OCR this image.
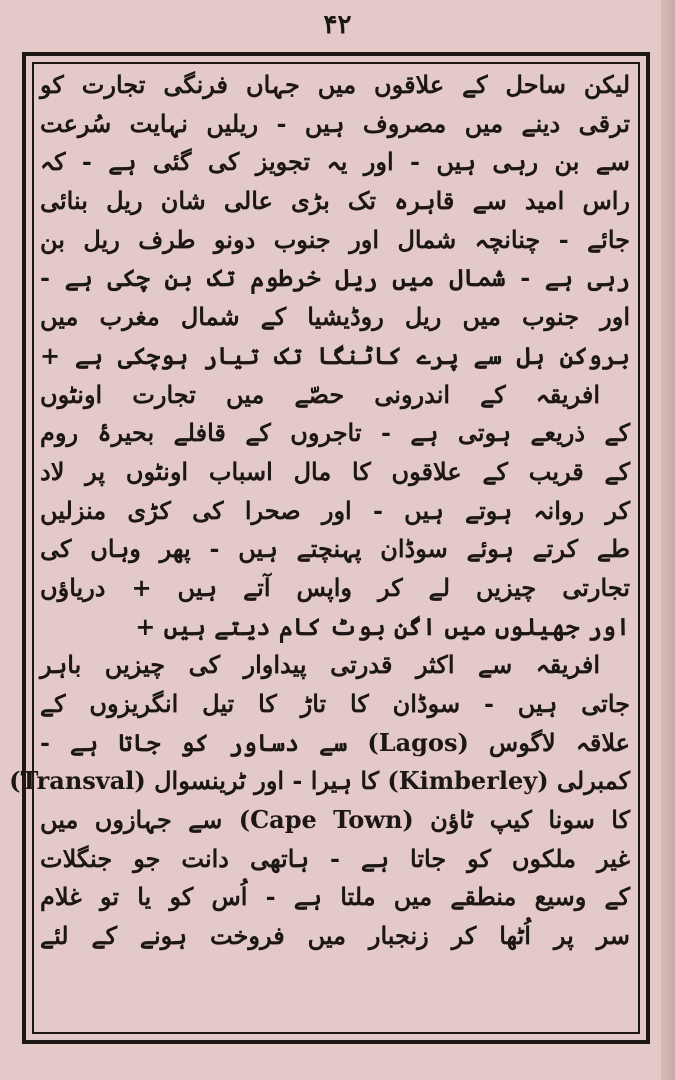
۴۲
لیکن ساحل کے علاقوں میں جہاں فرنگی تجارت کو
ترقی دینے میں مصروف ہیں - ریلیں نہایت سُرعت
سے بن رہی ہیں - اور یہ تجویز کی گئی ہے - کہ
راس امید سے قاہرہ تک بڑی عالی شان ریل بنائی
جائے - چنانچہ شمال اور جنوب دونو طرف ریل بن
رہی ہے - شمال میں ریل خرطوم تک بن چکی ہے -
اور جنوب میں ریل روڈیشیا کے شمال مغرب میں
بروکن ہل سے پرے کاٹنگا تک تیار ہوچکی ہے +
افریقہ کے اندرونی حصّے میں تجارت اونٹوں
کے ذریعے ہوتی ہے - تاجروں کے قافلے بحیرۂ روم
کے قریب کے علاقوں کا مال اسباب اونٹوں پر لاد
کر روانہ ہوتے ہیں - اور صحرا کی کڑی منزلیں
طے کرتے ہوئے سوڈان پہنچتے ہیں - پھر وہاں کی
تجارتی چیزیں لے کر واپس آتے ہیں + دریاؤں
اور جھیلوں میں اگن بوٹ کام دیتے ہیں +
افریقہ سے اکثر قدرتی پیداوار کی چیزیں باہر
جاتی ہیں - سوڈان کا تاڑ کا تیل انگریزوں کے
علاقہ لاگوس (Lagos) سے دساور کو جاتا ہے -
کمبرلی (Kimberley) کا ہیرا - اور ٹرینسوال (Transval)
کا سونا کیپ ٹاؤن (Cape Town) سے جہازوں میں
غیر ملکوں کو جاتا ہے - ہاتھی دانت جو جنگلات
کے وسیع منطقے میں ملتا ہے - اُس کو یا تو غلام
سر پر اُٹھا کر زنجبار میں فروخت ہونے کے لئے
